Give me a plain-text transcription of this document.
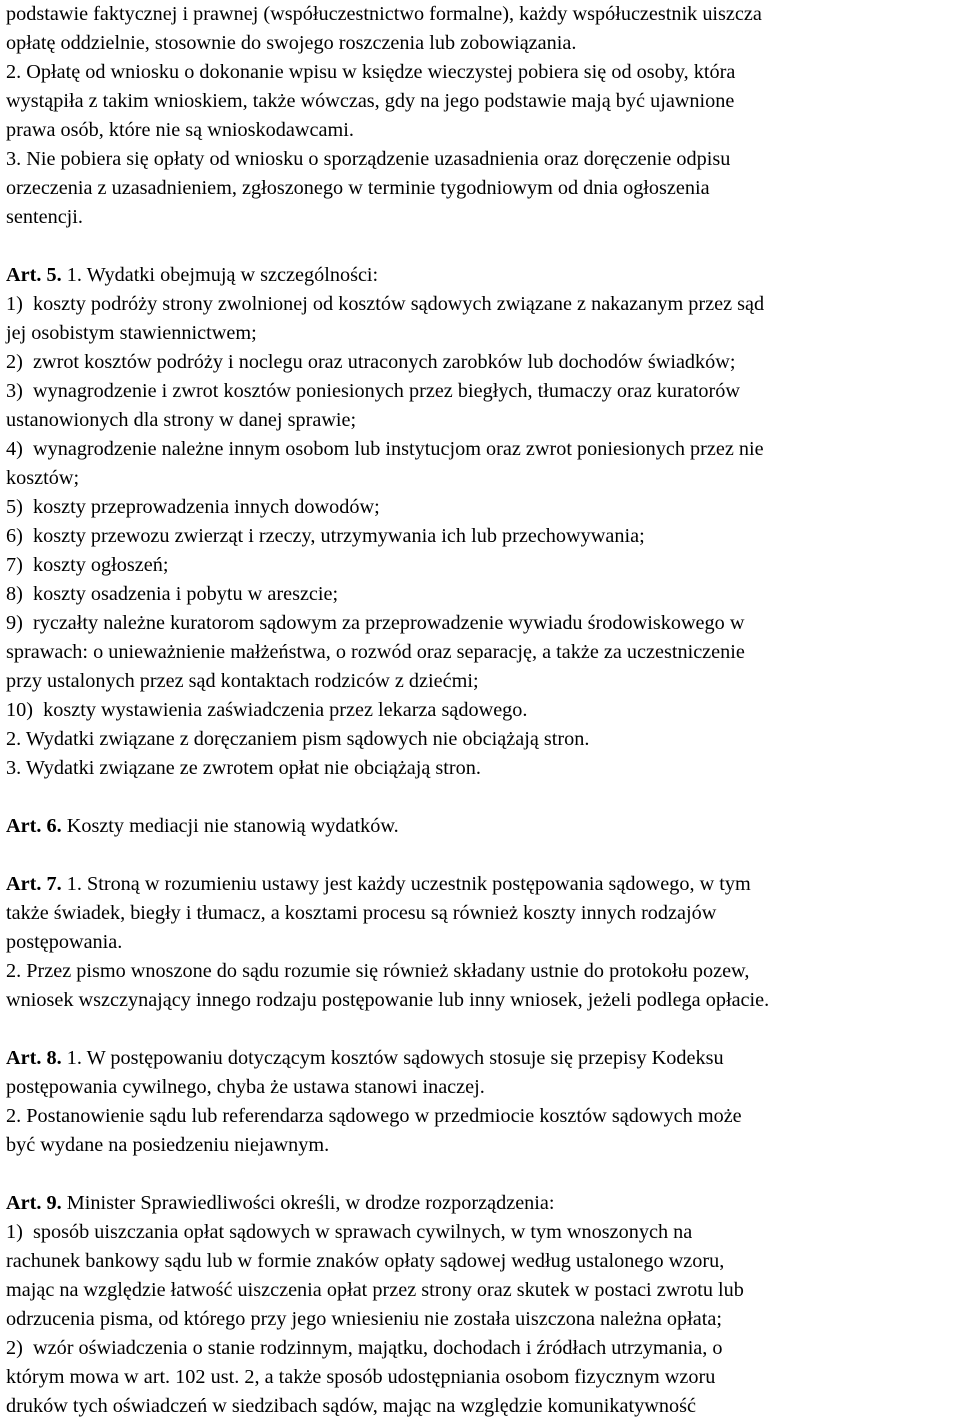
podstawie faktycznej i prawnej (współuczestnictwo formalne), każdy współuczestnik uiszcza
opłatę oddzielnie, stosownie do swojego roszczenia lub zobowiązania.
2. Opłatę od wniosku o dokonanie wpisu w księdze wieczystej pobiera się od osoby, która
wystąpiła z takim wnioskiem, także wówczas, gdy na jego podstawie mają być ujawnione
prawa osób, które nie są wnioskodawcami.
3. Nie pobiera się opłaty od wniosku o sporządzenie uzasadnienia oraz doręczenie odpisu
orzeczenia z uzasadnieniem, zgłoszonego w terminie tygodniowym od dnia ogłoszenia
sentencji.
Art. 5. 1. Wydatki obejmują w szczególności:
1)  koszty podróży strony zwolnionej od kosztów sądowych związane z nakazanym przez sąd
jej osobistym stawiennictwem;
2)  zwrot kosztów podróży i noclegu oraz utraconych zarobków lub dochodów świadków;
3)  wynagrodzenie i zwrot kosztów poniesionych przez biegłych, tłumaczy oraz kuratorów
ustanowionych dla strony w danej sprawie;
4)  wynagrodzenie należne innym osobom lub instytucjom oraz zwrot poniesionych przez nie
kosztów;
5)  koszty przeprowadzenia innych dowodów;
6)  koszty przewozu zwierząt i rzeczy, utrzymywania ich lub przechowywania;
7)  koszty ogłoszeń;
8)  koszty osadzenia i pobytu w areszcie;
9)  ryczałty należne kuratorom sądowym za przeprowadzenie wywiadu środowiskowego w
sprawach: o unieważnienie małżeństwa, o rozwód oraz separację, a także za uczestniczenie
przy ustalonych przez sąd kontaktach rodziców z dziećmi;
10)  koszty wystawienia zaświadczenia przez lekarza sądowego.
2. Wydatki związane z doręczaniem pism sądowych nie obciążają stron.
3. Wydatki związane ze zwrotem opłat nie obciążają stron.
Art. 6. Koszty mediacji nie stanowią wydatków.
Art. 7. 1. Stroną w rozumieniu ustawy jest każdy uczestnik postępowania sądowego, w tym
także świadek, biegły i tłumacz, a kosztami procesu są również koszty innych rodzajów
postępowania.
2. Przez pismo wnoszone do sądu rozumie się również składany ustnie do protokołu pozew,
wniosek wszczynający innego rodzaju postępowanie lub inny wniosek, jeżeli podlega opłacie.
Art. 8. 1. W postępowaniu dotyczącym kosztów sądowych stosuje się przepisy Kodeksu
postępowania cywilnego, chyba że ustawa stanowi inaczej.
2. Postanowienie sądu lub referendarza sądowego w przedmiocie kosztów sądowych może
być wydane na posiedzeniu niejawnym.
Art. 9. Minister Sprawiedliwości określi, w drodze rozporządzenia:
1)  sposób uiszczania opłat sądowych w sprawach cywilnych, w tym wnoszonych na
rachunek bankowy sądu lub w formie znaków opłaty sądowej według ustalonego wzoru,
mając na względzie łatwość uiszczenia opłat przez strony oraz skutek w postaci zwrotu lub
odrzucenia pisma, od którego przy jego wniesieniu nie została uiszczona należna opłata;
2)  wzór oświadczenia o stanie rodzinnym, majątku, dochodach i źródłach utrzymania, o
którym mowa w art. 102 ust. 2, a także sposób udostępniania osobom fizycznym wzoru
druków tych oświadczeń w siedzibach sądów, mając na względzie komunikatywność
